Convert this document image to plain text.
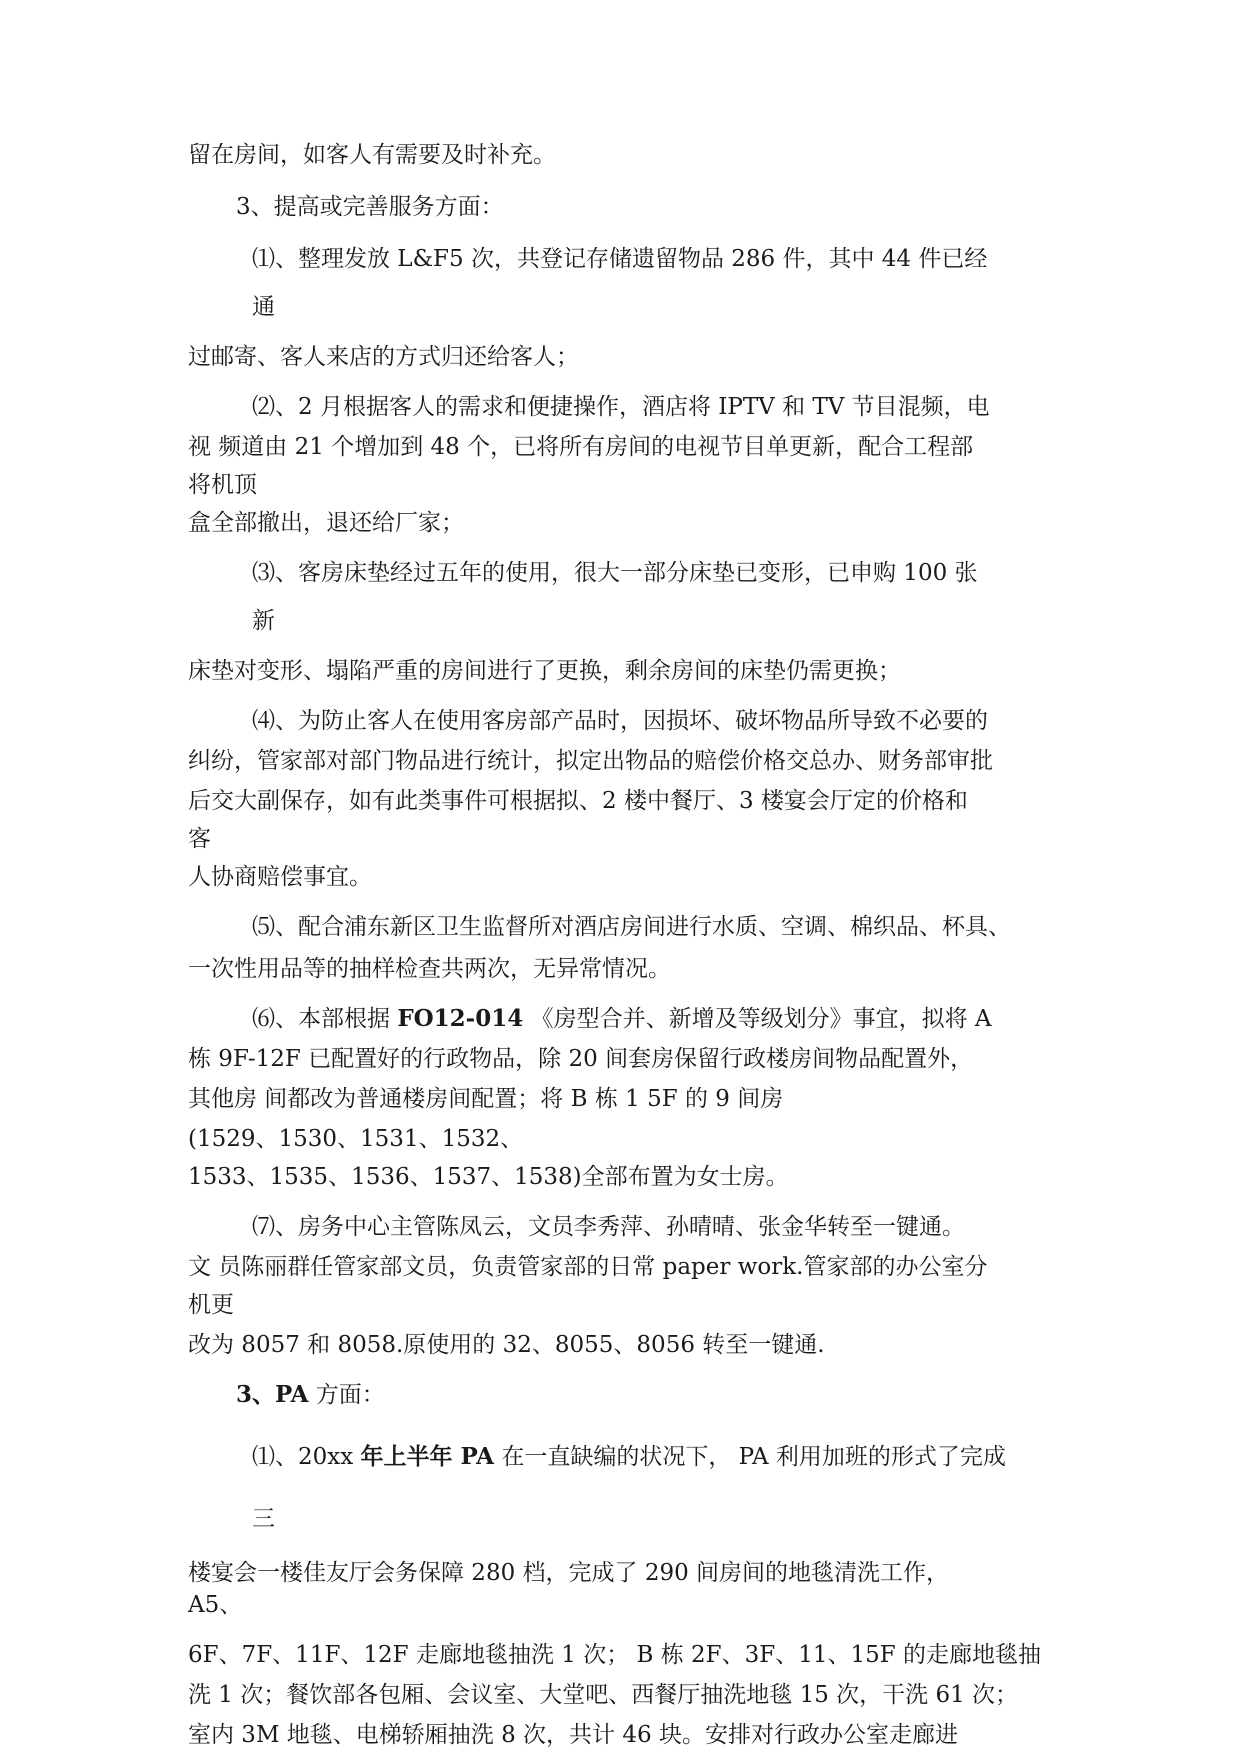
留在房间，如客人有需要及时补充。
3、提高或完善服务方面：
⑴、整理发放 L&F5 次，共登记存储遗留物品 286 件，其中 44 件已经
通
过邮寄、客人来店的方式归还给客人；
⑵、2 月根据客人的需求和便捷操作，酒店将 IPTV 和 TV 节目混频，电
视 频道由 21 个增加到 48 个，已将所有房间的电视节目单更新，配合工程部
将机顶
盒全部撤出，退还给厂家；
⑶、客房床垫经过五年的使用，很大一部分床垫已变形，已申购 100 张
新
床垫对变形、塌陷严重的房间进行了更换，剩余房间的床垫仍需更换；
⑷、为防止客人在使用客房部产品时，因损坏、破坏物品所导致不必要的
纠纷，管家部对部门物品进行统计，拟定出物品的赔偿价格交总办、财务部审批
后交大副保存，如有此类事件可根据拟、2 楼中餐厅、3 楼宴会厅定的价格和
客
人协商赔偿事宜。
⑸、配合浦东新区卫生监督所对酒店房间进行水质、空调、棉织品、杯具、
一次性用品等的抽样检查共两次，无异常情况。
⑹、本部根据 FO12-014 《房型合并、新增及等级划分》事宜，拟将 A
栋 9F-12F 已配置好的行政物品，除 20 间套房保留行政楼房间物品配置外，
其他房 间都改为普通楼房间配置；将 B 栋 1 5F 的 9 间房
(1529、1530、1531、1532、
1533、1535、1536、1537、1538)全部布置为女士房。
⑺、房务中心主管陈凤云，文员李秀萍、孙晴晴、张金华转至一键通。
文 员陈丽群任管家部文员，负责管家部的日常 paper work.管家部的办公室分
机更
改为 8057 和 8058.原使用的 32、8055、8056 转至一键通.
3、PA 方面：
⑴、20xx 年上半年 PA 在一直缺编的状况下， PA 利用加班的形式了完成
三
楼宴会一楼佳友厅会务保障 280 档，完成了 290 间房间的地毯清洗工作，
A5、
6F、7F、11F、12F 走廊地毯抽洗 1 次； B 栋 2F、3F、11、15F 的走廊地毯抽
洗 1 次；餐饮部各包厢、会议室、大堂吧、西餐厅抽洗地毯 15 次，干洗 61 次；
室内 3M 地毯、电梯轿厢抽洗 8 次，共计 46 块。安排对行政办公室走廊进
